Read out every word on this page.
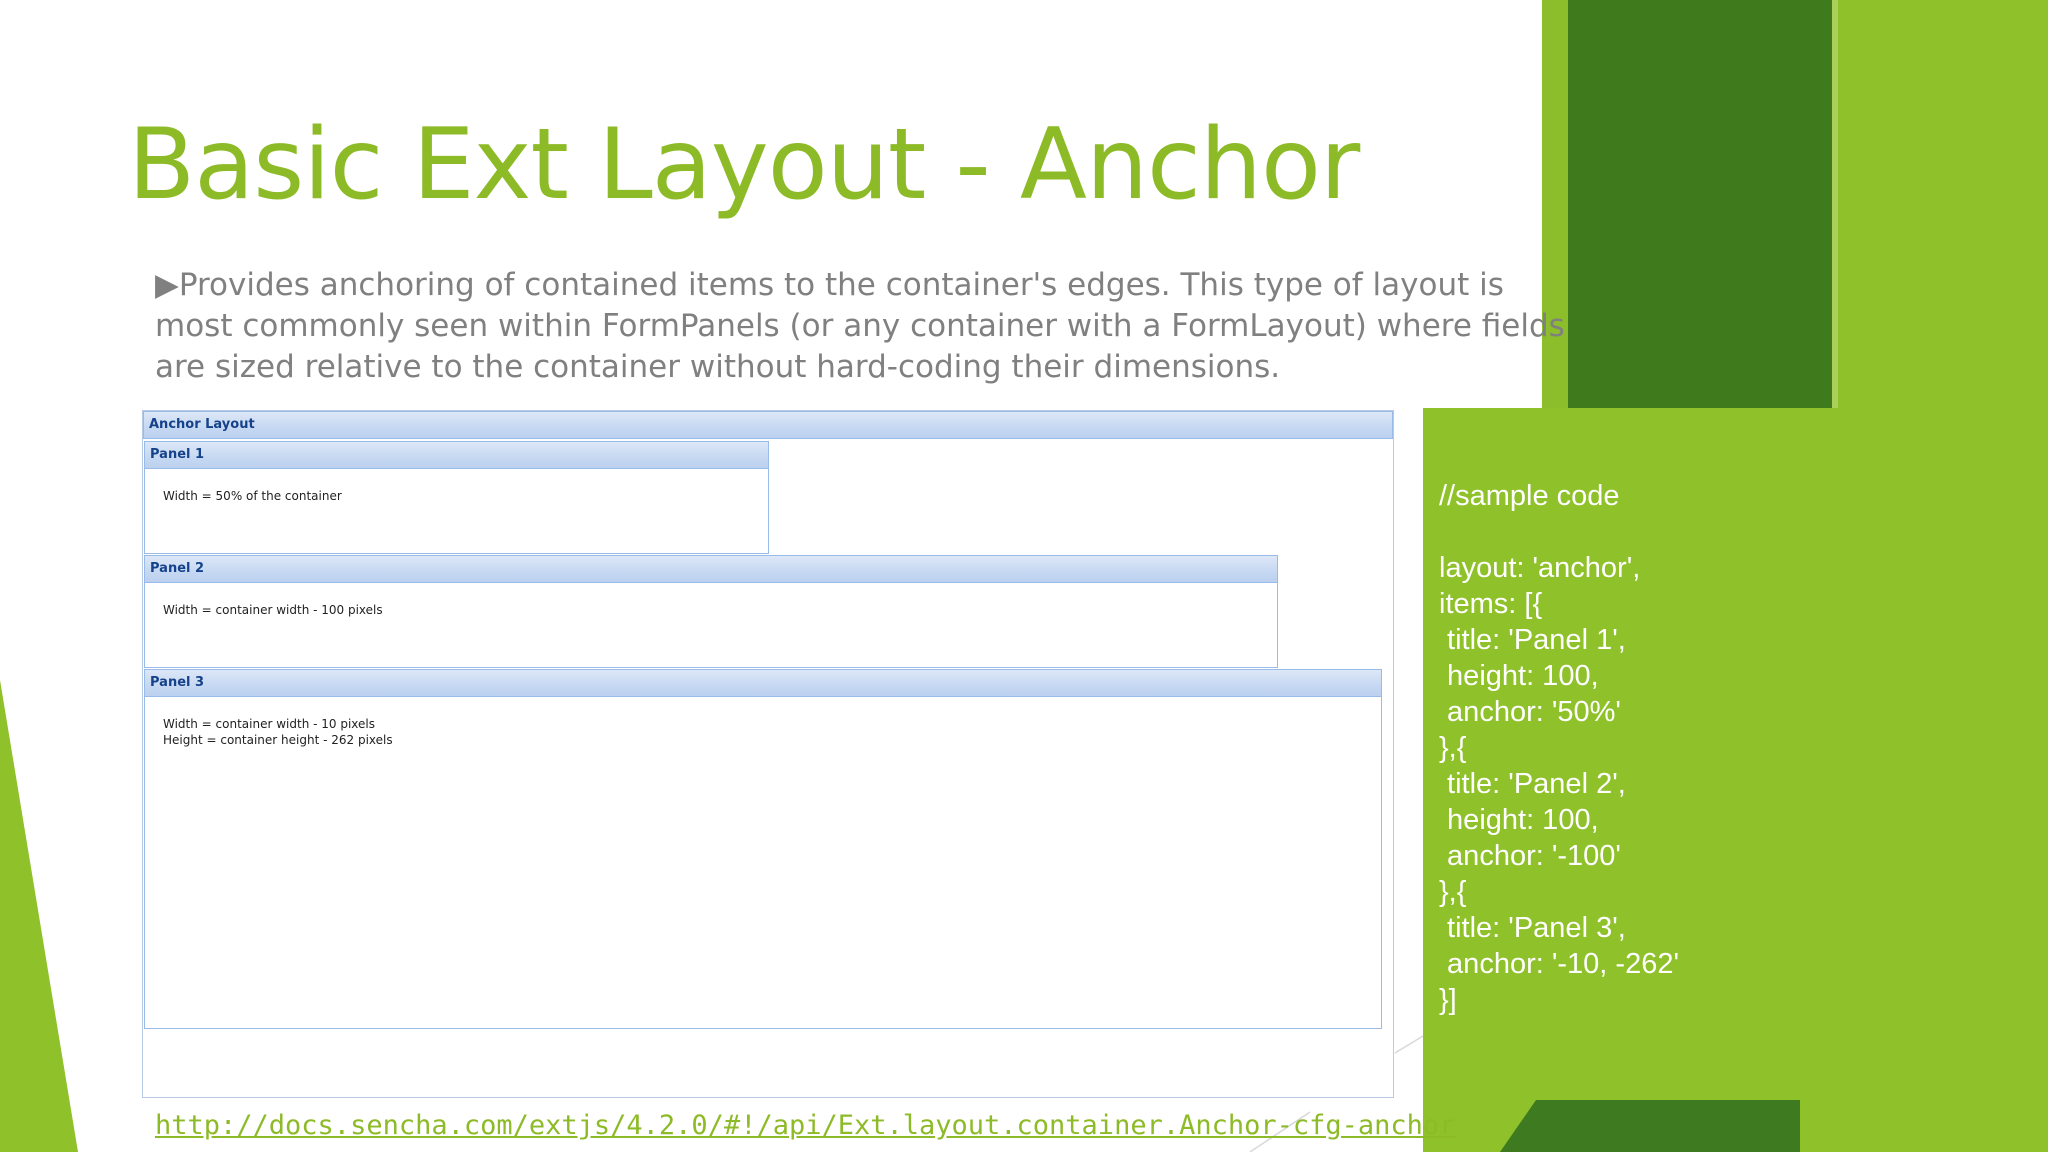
Basic Ext Layout - Anchor

▶Provides anchoring of contained items to the container's edges. This type of layout is most commonly seen within FormPanels (or any container with a FormLayout) where fields are sized relative to the container without hard-coding their dimensions.

Anchor Layout
Panel 1
Width = 50% of the container
Panel 2
Width = container width - 100 pixels
Panel 3
Width = container width - 10 pixels
Height = container height - 262 pixels
//sample code

layout: 'anchor',
items: [{
title: 'Panel 1',
height: 100,
anchor: '50%'
},{
title: 'Panel 2',
height: 100,
anchor: '-100'
},{
title: 'Panel 3',
anchor: '-10, -262'
}]
http://docs.sencha.com/extjs/4.2.0/#!/api/Ext.layout.container.Anchor-cfg-anchor
